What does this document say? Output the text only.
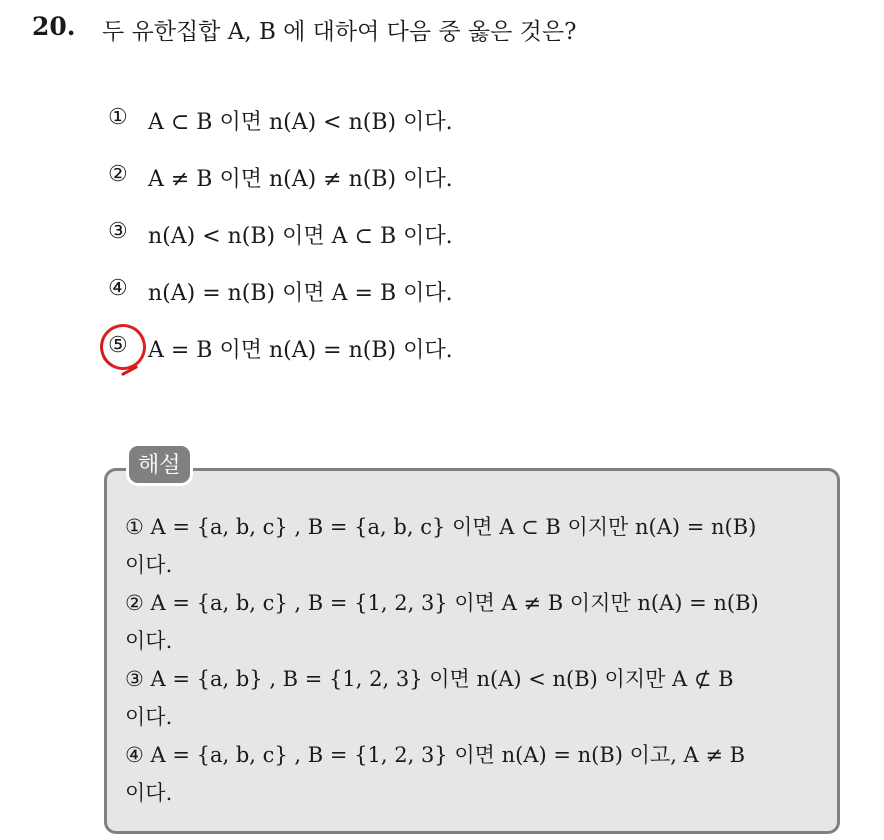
20. 두 유한집합 A, B 에 대하여 다음 중 옳은 것은?
① A ⊂ B 이면 n(A) < n(B) 이다.
② A ≠ B 이면 n(A) ≠ n(B) 이다.
③ n(A) < n(B) 이면 A ⊂ B 이다.
④ n(A) = n(B) 이면 A = B 이다.
⑤ A = B 이면 n(A) = n(B) 이다.
해설
① A = {a, b, c} , B = {a, b, c} 이면 A ⊂ B 이지만 n(A) = n(B)
이다.
② A = {a, b, c} , B = {1, 2, 3} 이면 A ≠ B 이지만 n(A) = n(B)
이다.
③ A = {a, b} , B = {1, 2, 3} 이면 n(A) < n(B) 이지만 A ⊄ B
이다.
④ A = {a, b, c} , B = {1, 2, 3} 이면 n(A) = n(B) 이고, A ≠ B
이다.
